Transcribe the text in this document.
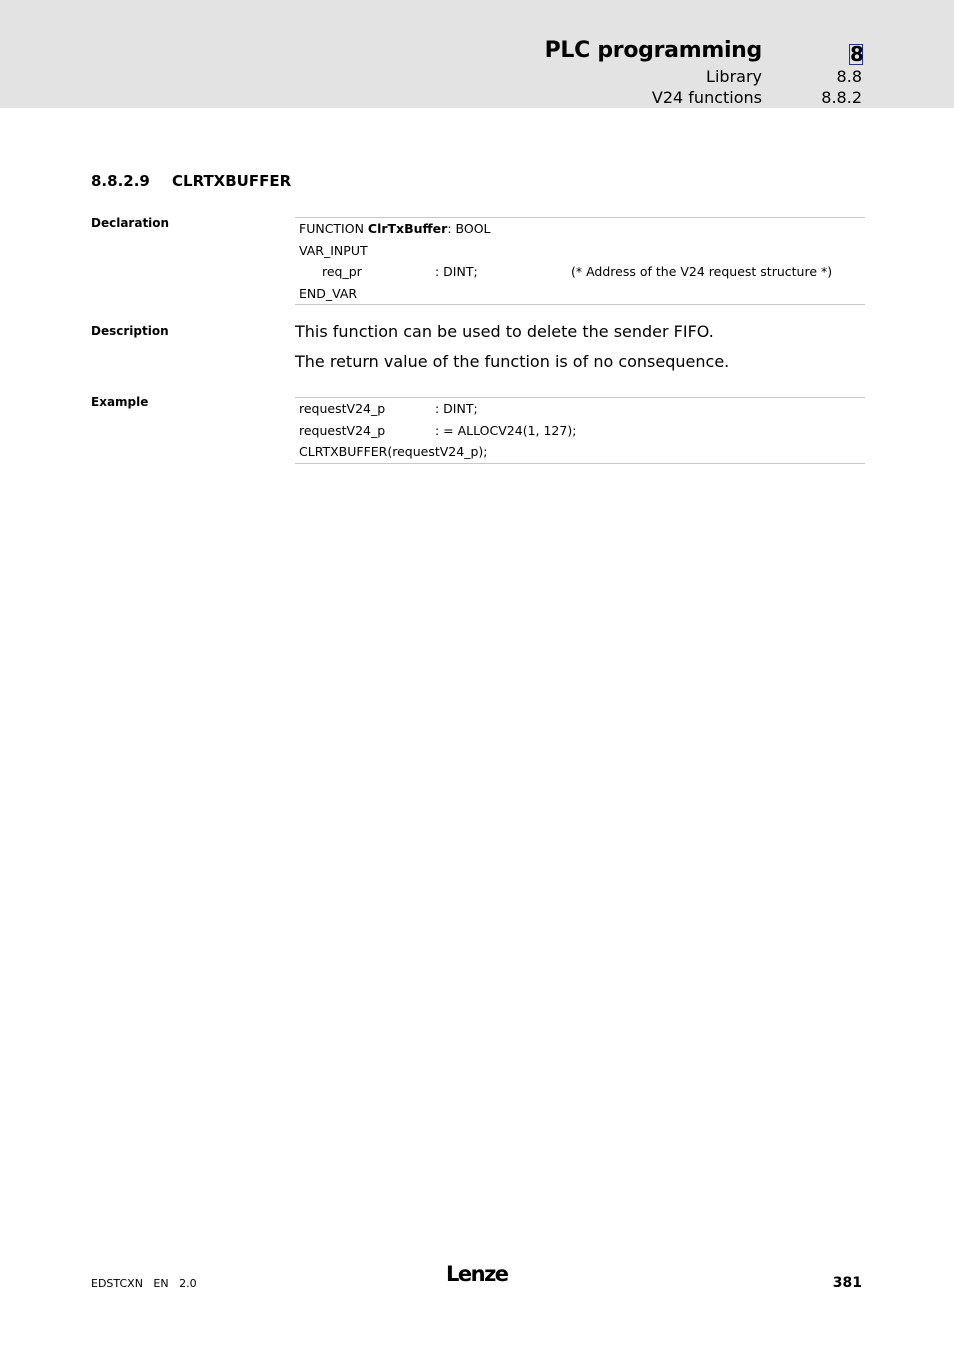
PLC programming	8
Library	8.8
V24 functions	8.8.2
8.8.2.9 CLRTXBUFFER
Declaration	FUNCTION ClrTxBuffer: BOOL
VAR_INPUT
req_pr	: DINT;	(* Address of the V24 request structure *)
END_VAR
Description	This function can be used to delete the sender FIFO.
The return value of the function is of no consequence.
Example	requestV24_p	: DINT;
requestV24_p	: = ALLOCV24(1, 127);
CLRTXBUFFER(requestV24_p);
EDSTCXN   EN   2.0	Lenze	381
